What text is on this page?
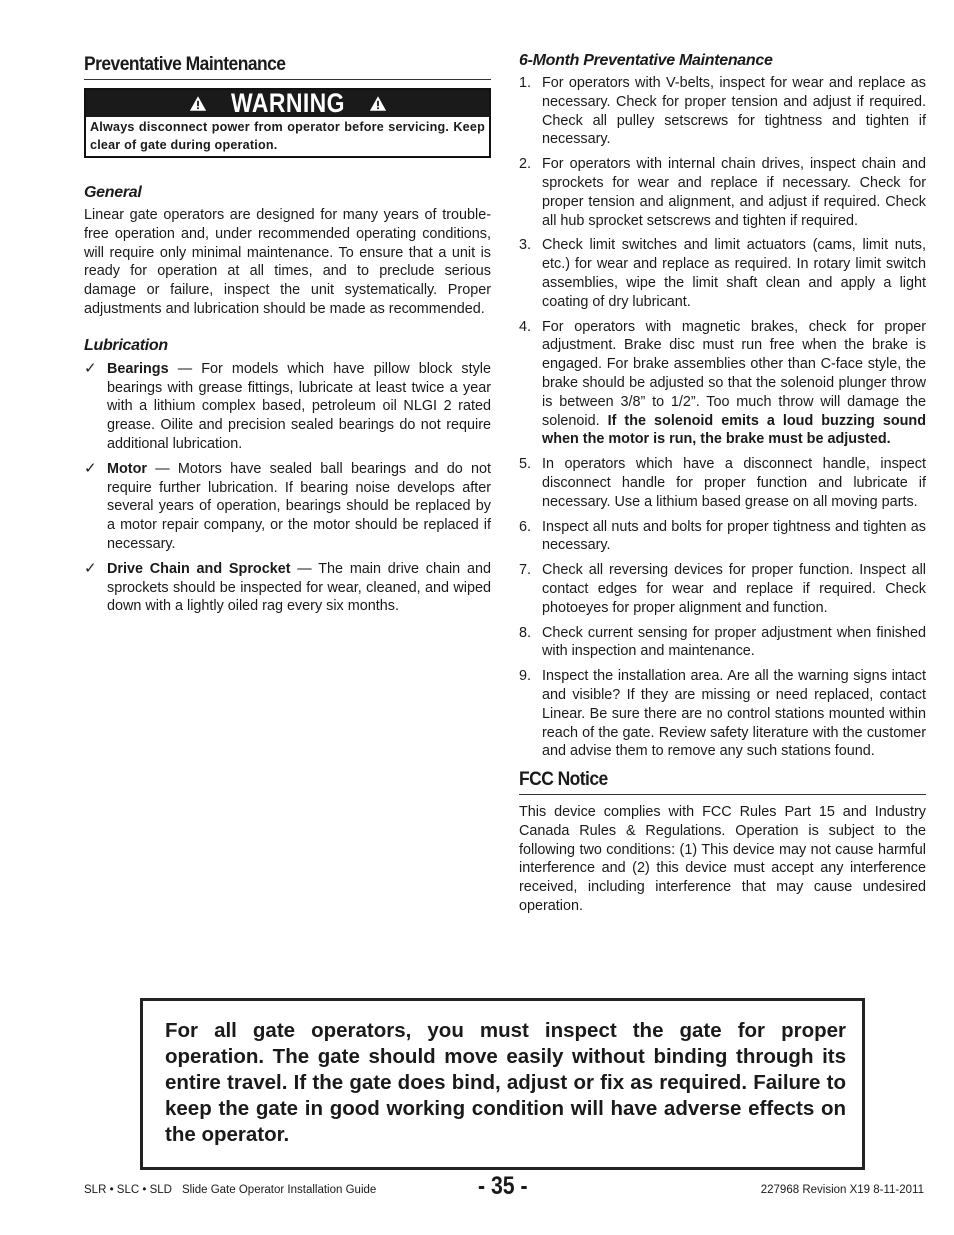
Preventative Maintenance
WARNING
Always disconnect power from operator before servicing. Keep clear of gate during operation.
General

Linear gate operators are designed for many years of trouble-free operation and, under recommended operating conditions, will require only minimal maintenance. To ensure that a unit is ready for operation at all times, and to preclude serious damage or failure, inspect the unit systematically. Proper adjustments and lubrication should be made as recommended.

Lubrication
✓ Bearings — For models which have pillow block style bearings with grease fittings, lubricate at least twice a year with a lithium complex based, petroleum oil NLGI 2 rated grease. Oilite and precision sealed bearings do not require additional lubrication.
✓ Motor — Motors have sealed ball bearings and do not require further lubrication. If bearing noise develops after several years of operation, bearings should be replaced by a motor repair company, or the motor should be replaced if necessary.
✓ Drive Chain and Sprocket — The main drive chain and sprockets should be inspected for wear, cleaned, and wiped down with a lightly oiled rag every six months.
6-Month Preventative Maintenance
1. For operators with V-belts, inspect for wear and replace as necessary. Check for proper tension and adjust if required. Check all pulley setscrews for tightness and tighten if necessary.
2. For operators with internal chain drives, inspect chain and sprockets for wear and replace if necessary. Check for proper tension and alignment, and adjust if required. Check all hub sprocket setscrews and tighten if required.
3. Check limit switches and limit actuators (cams, limit nuts, etc.) for wear and replace as required. In rotary limit switch assemblies, wipe the limit shaft clean and apply a light coating of dry lubricant.
4. For operators with magnetic brakes, check for proper adjustment. Brake disc must run free when the brake is engaged. For brake assemblies other than C-face style, the brake should be adjusted so that the solenoid plunger throw is between 3/8” to 1/2”. Too much throw will damage the solenoid. If the solenoid emits a loud buzzing sound when the motor is run, the brake must be adjusted.
5. In operators which have a disconnect handle, inspect disconnect handle for proper function and lubricate if necessary. Use a lithium based grease on all moving parts.
6. Inspect all nuts and bolts for proper tightness and tighten as necessary.
7. Check all reversing devices for proper function. Inspect all contact edges for wear and replace if required. Check photoeyes for proper alignment and function.
8. Check current sensing for proper adjustment when finished with inspection and maintenance.
9. Inspect the installation area. Are all the warning signs intact and visible? If they are missing or need replaced, contact Linear. Be sure there are no control stations mounted within reach of the gate. Review safety literature with the customer and advise them to remove any such stations found.
FCC Notice

This device complies with FCC Rules Part 15 and Industry Canada Rules & Regulations. Operation is subject to the following two conditions: (1) This device may not cause harmful interference and (2) this device must accept any interference received, including interference that may cause undesired operation.

For all gate operators, you must inspect the gate for proper operation. The gate should move easily without binding through its entire travel. If the gate does bind, adjust or fix as required. Failure to keep the gate in good working condition will have adverse effects on the operator.
SLR • SLC • SLD Slide Gate Operator Installation Guide	- 35 -	227968 Revision X19 8-11-2011
